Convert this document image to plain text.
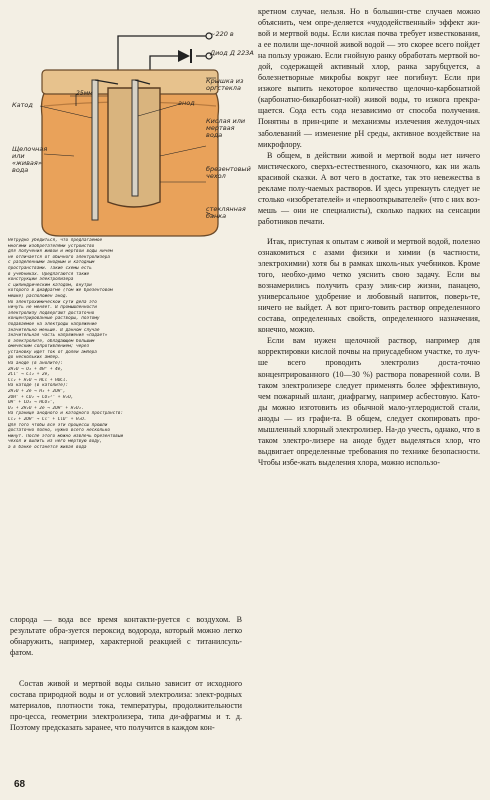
~220 в
Диод Д 223А
Крышка из оргстекла
Катод
25мм
анод
Кислая или мертвая вода
Щелочная или «живая» вода	брезентовый чехол
стеклянная банка

Нетрудно убедиться, что предлагаемое

многими изобретателями устройство

для получения живой и мертвой воды ничем

не отличается от обычного электролизера

с разделенными анодным и катодным

пространствами. Такие схемы есть

в учебниках. Предлагаются также

конструкции электролизера

с цилиндрическим катодом, внутри

которого в диафрагме (том же брезентовом

мешке) расположен анод.

Но электрохимической сути дела это

ничуть не меняет. В промышленности

электролизу подвергают достаточно

концентрированные растворы, поэтому

подаваемое на электроды напряжение

значительно меньше. В данном случае

значительная часть напряжения «падает»

в электролите, обладающем большим

омическим сопротивлением; через

установку идет ток от долей ампера

до нескольких ампер.

На аноде (в анолите):

2H₂O → O₂ + 4H⁺ + 4e,

2Cl⁻ → Cl₂ + 2e,

Cl₂ + H₂O → HCl + HOCl.

На катоде (в католите):

2H₂O + 2e → H₂ + 2OH⁻,

2OH⁻ + CO₂ → CO₃²⁻ + H₂O,

OH⁻ + CO₂ → HCO₃⁻,

O₂ + 2H₂O + 2e → 2OH⁻ + H₂O₂.

На границе анодного и катодного пространств:

Cl₂ + 2OH⁻ → Cl⁻ + ClO⁻ + H₂O.

Для того чтобы все эти процессы прошли

достаточно полно, нужно всего несколько

минут. После этого можно извлечь брезентовый

чехол и вылить из него мертвую воду,

а в банке останется живая вода

слорода — вода все время контакти-руется с воздухом. В результате обра-зуется пероксид водорода, который можно легко обнаружить, например, характерной реакцией с титанилсуль-фатом.

Состав живой и мертвой воды сильно зависит от исходного состава природной воды и от условий электролиза: элект-родных материалов, плотности тока, температуры, продолжительности про-цесса, геометрии электролизера, типа ди-афрагмы и т. д. Поэтому предсказать заранее, что получится в каждом кон-

кретном случае, нельзя. Но в большин-стве случаев можно объяснить, чем опре-деляется «чудодейственный» эффект жи-вой и мертвой воды. Если кислая почва требует известкования, а ее полили ще-лочной живой водой — это скорее всего пойдет на пользу урожаю. Если гнойную ранку обработать мертвой во-дой, содержащей активный хлор, ранка зарубцуется, а болезнетворные микробы вокруг нее погибнут. Если при изжоге выпить некоторое количество щелочно-карбонатной (карбонатно-бикарбонат-ной) живой воды, то изжога прекра-щается. Сода есть сода независимо от способа получения. Понятны в прин-ципе и механизмы излечения желудоч-ных заболеваний — изменение pH среды, активное воздействие на микрофлору.

В общем, в действии живой и мертвой воды нет ничего мистического, сверхъ-естественного, сказочного, как ни жаль красивой сказки. А вот чего в достатке, так это невежества в рекламе полу-чаемых растворов. И здесь упрекнуть следует не столько «изобретателей» и «первооткрывателей» (что с них воз-мешь — они не специалисты), сколько падких на сенсации работников печати.

Итак, приступая к опытам с живой и мертвой водой, полезно ознакомиться с азами физики и химии (в частности, электрохимии) хотя бы в рамках школь-ных учебников. Кроме того, необхо-димо четко уяснить свою задачу. Если вы вознамерились получить сразу элик-сир жизни, панацею, универсальное удобрение и любовный напиток, поверь-те, ничего не выйдет. А вот приго-товить раствор определенного состава, определенных свойств, определенного назначения, конечно, можно.

Если вам нужен щелочной раствор, например для корректировки кислой почвы на приусадебном участке, то луч-ше всего проводить электролиз доста-точно концентрированного (10—30 %) раствора поваренной соли. В таком электролизере следует применять более эффективную, чем пожарный шланг, диафрагму, например асбестовую. Като-ды можно изготовить из обычной мало-углеродистой стали, аноды — из графи-та. В общем, следует скопировать про-мышленный хлорный электролизер. На-до учесть, однако, что в таком электро-лизере на аноде будет выделяться хлор, что выдвигает определенные требования по технике безопасности. Чтобы избе-жать выделения хлора, можно использо-

68
